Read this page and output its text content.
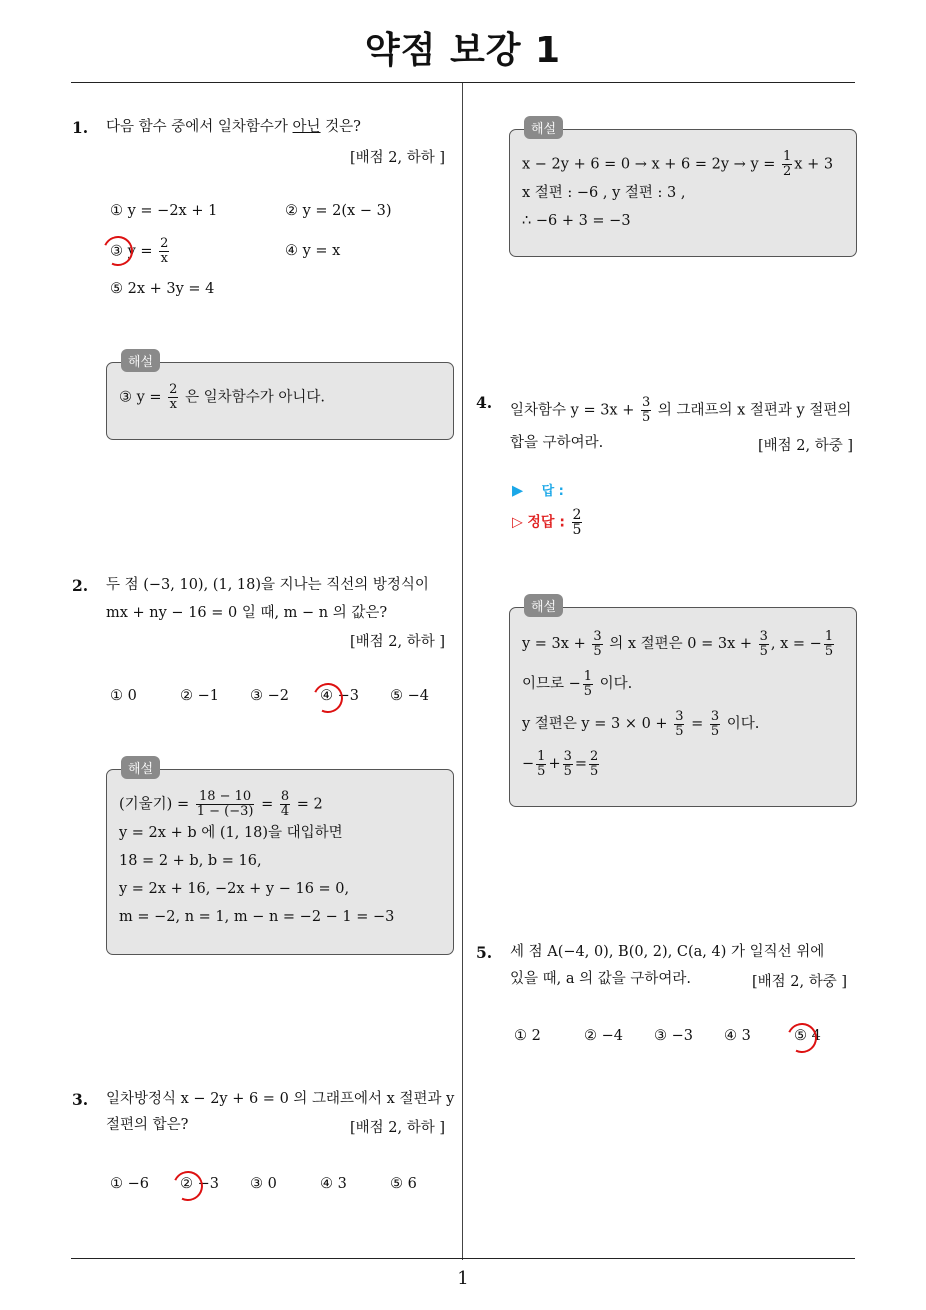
약점 보강 1
1
1. 다음 함수 중에서 일차함수가 아닌 것은?
[배점 2, 하하 ]
① y = −2x + 1	② y = 2(x − 3)
③ $y = \frac{2}{x}$	④ y = x
⑤ 2x + 3y = 4
해설
③ $y = \frac{2}{x}$ 은 일차함수가 아니다.
2. 두 점 (−3, 10), (1, 18)을 지나는 직선의 방정식이
mx + ny − 16 = 0 일 때, m − n 의 값은?
[배점 2, 하하 ]
① 0	② −1 ③ −2 ④ −3 ⑤ −4
해설
(기울기) = $\frac{18 - 10}{1 - (-3)} = \frac{8}{4} = 2$
y = 2x + b 에 (1, 18)을 대입하면
18 = 2 + b, b = 16,
y = 2x + 16, −2x + y − 16 = 0,
m = −2, n = 1, m − n = −2 − 1 = −3
3. 일차방정식 x − 2y + 6 = 0 의 그래프에서 x 절편과 y
절편의 합은?	[배점 2, 하하 ]
① −6 ② −3 ③ 0	④ 3	⑤ 6
해설
$x - 2y + 6 = 0 \to x + 6 = 2y \to y = \frac{1}{2}$ x + 3
x 절편 : −6 , y 절편 : 3 ,
∴ −6 + 3 = −3
4. 일차함수 $y = 3x + \frac{3}{5}$ 의 그래프의 x 절편과 y 절편의
합을 구하여라.	[배점 2, 하중 ]
▶ 답 :
▷ 정답 : $\frac{2}{5}$
해설
$y = 3x + \frac{3}{5}$ 의 x 절편은 $0 = 3x + \frac{3}{5}$ , x = − $\frac{1}{5}$
이므로 − $\frac{1}{5}$ 이다.
y 절편은 $y = 3 \times 0 + \frac{3}{5} = \frac{3}{5}$ 이다.
− $\frac{1}{5} + \frac{3}{5} = \frac{2}{5}$
5. 세 점 A(−4, 0), B(0, 2), C(a, 4) 가 일직선 위에
있을 때, a 의 값을 구하여라.	[배점 2, 하중 ]
① 2	② −4 ③ −3 ④ 3	⑤ 4
